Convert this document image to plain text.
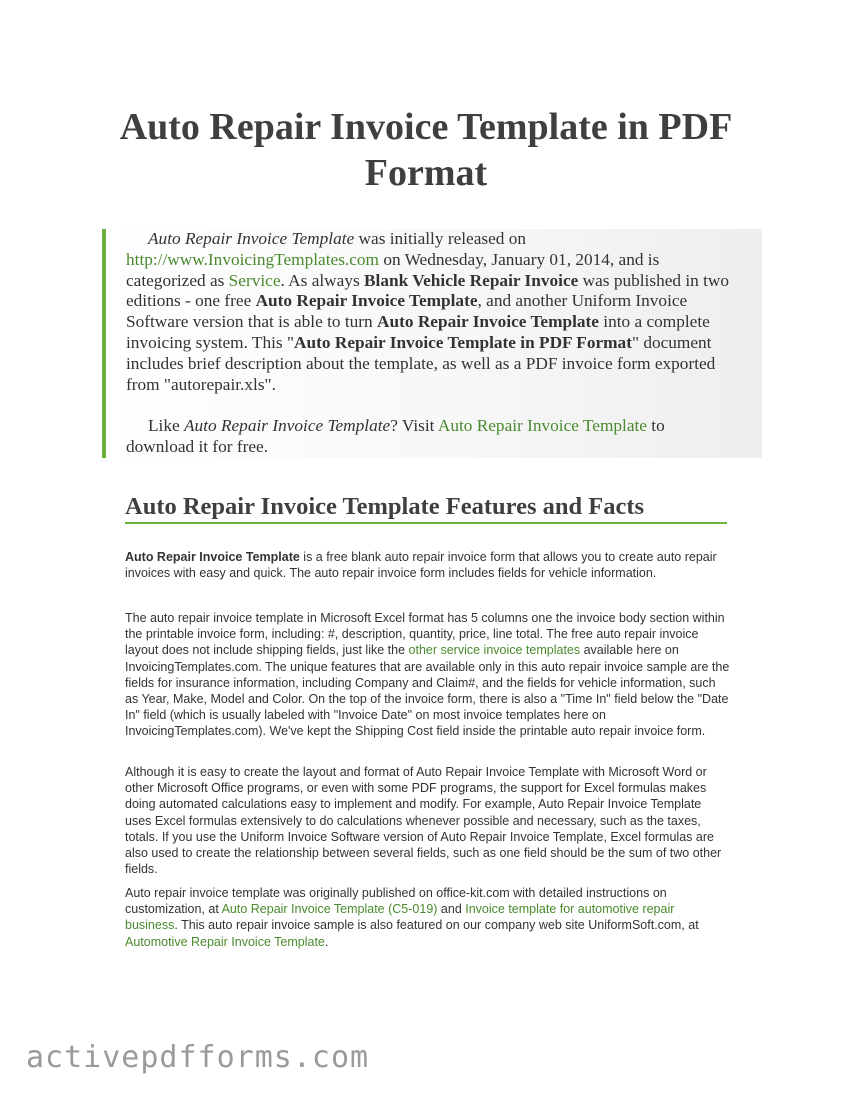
Auto Repair Invoice Template in PDF Format

Auto Repair Invoice Template was initially released on http://www.InvoicingTemplates.com on Wednesday, January 01, 2014, and is categorized as Service. As always Blank Vehicle Repair Invoice was published in two editions - one free Auto Repair Invoice Template, and another Uniform Invoice Software version that is able to turn Auto Repair Invoice Template into a complete invoicing system. This "Auto Repair Invoice Template in PDF Format" document includes brief description about the template, as well as a PDF invoice form exported from "autorepair.xls".

Like Auto Repair Invoice Template? Visit Auto Repair Invoice Template to download it for free.

Auto Repair Invoice Template Features and Facts

Auto Repair Invoice Template is a free blank auto repair invoice form that allows you to create auto repair invoices with easy and quick. The auto repair invoice form includes fields for vehicle information.

The auto repair invoice template in Microsoft Excel format has 5 columns one the invoice body section within the printable invoice form, including: #, description, quantity, price, line total. The free auto repair invoice layout does not include shipping fields, just like the other service invoice templates available here on InvoicingTemplates.com. The unique features that are available only in this auto repair invoice sample are the fields for insurance information, including Company and Claim#, and the fields for vehicle information, such as Year, Make, Model and Color. On the top of the invoice form, there is also a "Time In" field below the "Date In" field (which is usually labeled with "Invoice Date" on most invoice templates here on InvoicingTemplates.com). We've kept the Shipping Cost field inside the printable auto repair invoice form.

Although it is easy to create the layout and format of Auto Repair Invoice Template with Microsoft Word or other Microsoft Office programs, or even with some PDF programs, the support for Excel formulas makes doing automated calculations easy to implement and modify. For example, Auto Repair Invoice Template uses Excel formulas extensively to do calculations whenever possible and necessary, such as the taxes, totals. If you use the Uniform Invoice Software version of Auto Repair Invoice Template, Excel formulas are also used to create the relationship between several fields, such as one field should be the sum of two other fields.

Auto repair invoice template was originally published on office-kit.com with detailed instructions on customization, at Auto Repair Invoice Template (C5-019) and Invoice template for automotive repair business. This auto repair invoice sample is also featured on our company web site UniformSoft.com, at Automotive Repair Invoice Template.

activepdfforms.com
